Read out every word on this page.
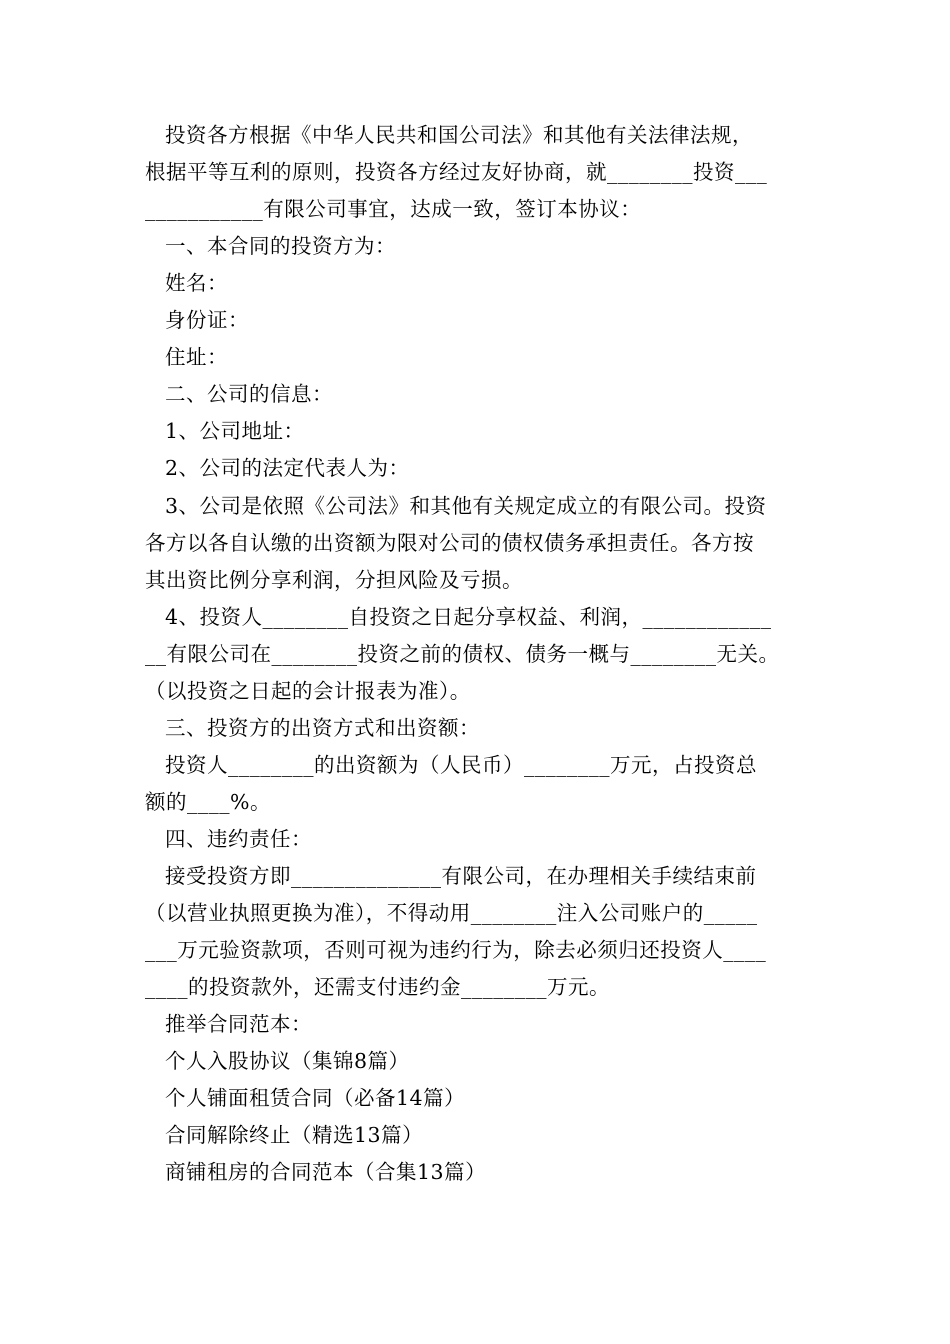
投资各方根据《中华人民共和国公司法》和其他有关法律法规，
根据平等互利的原则，投资各方经过友好协商，就________投资___
___________有限公司事宜，达成一致，签订本协议：
一、本合同的投资方为：
姓名：
身份证：
住址：
二、公司的信息：
1、公司地址：
2、公司的法定代表人为：
3、公司是依照《公司法》和其他有关规定成立的有限公司。投资
各方以各自认缴的出资额为限对公司的债权债务承担责任。各方按
其出资比例分享利润，分担风险及亏损。
4、投资人________自投资之日起分享权益、利润，____________
__有限公司在________投资之前的债权、债务一概与________无关。
（以投资之日起的会计报表为准）。
三、投资方的出资方式和出资额：
投资人________的出资额为（人民币）________万元，占投资总
额的____%。
四、违约责任：
接受投资方即______________有限公司，在办理相关手续结束前
（以营业执照更换为准），不得动用________注入公司账户的_____
___万元验资款项，否则可视为违约行为，除去必须归还投资人____
____的投资款外，还需支付违约金________万元。
推举合同范本：
个人入股协议（集锦8篇）
个人铺面租赁合同（必备14篇）
合同解除终止（精选13篇）
商铺租房的合同范本（合集13篇）
